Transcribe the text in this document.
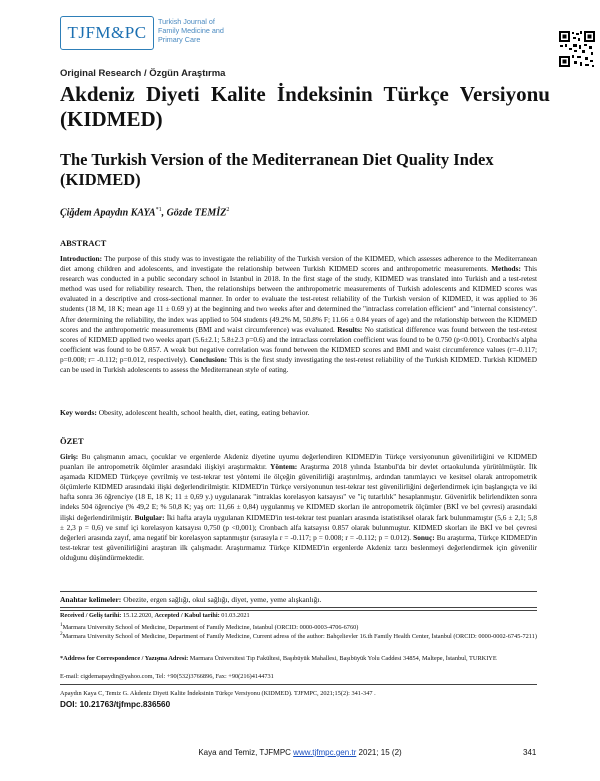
TJFM&PC
Turkish Journal of
Family Medicine and
Primary Care
Original Research / Özgün Araştırma
Akdeniz Diyeti Kalite İndeksinin Türkçe Versiyonu (KIDMED)
The Turkish Version of the Mediterranean Diet Quality Index (KIDMED)
Çiğdem Apaydın KAYA$^{*1}$, Gözde TEMİZ$^2$
ABSTRACT
Introduction: The purpose of this study was to investigate the reliability of the Turkish version of the KIDMED, which assesses adherence to the Mediterranean diet among children and adolescents, and investigate the relationship between Turkish KIDMED scores and anthropometric measurements. Methods: This research was conducted in a public secondary school in Istanbul in 2018. In the first stage of the study, KIDMED was translated into Turkish and a test-retest method was used for reliability research. Then, the relationships between the anthropometric measurements of Turkish adolescents and KIDMED scores was evaluated in a descriptive and cross-sectional manner. In order to evaluate the test-retest reliability of the Turkish version of KIDMED, it was applied to 36 students (18 M, 18 K; mean age 11 ± 0.69 y) at the beginning and two weeks after and determined the "intraclass correlation efficient" and "internal consistency". After determining the reliability, the index was applied to 504 students (49.2% M, 50.8% F; 11.66 ± 0.84 years of age) and the relationship between the KIDMED scores and the anthropometric measurements (BMI and waist circumference) was evaluated. Results: No statistical difference was found between the test-retest scores of KIDMED applied two weeks apart (5.6±2.1; 5.8±2.3 p=0.6) and the intraclass correlation coefficient was found to be 0.750 (p<0.001). Cronbach's alpha coefficient was found to be 0.857. A weak but negative correlation was found between the KIDMED scores and BMI and waist circumference values (r=-0.117; p=0.008; r= -0.112; p=0.012, respectively). Conclusion: This is the first study investigating the test-retest reliability of the Turkish KIDMED. Turkish KIDMED can be used in Turkish adolescents to assess the Mediterranean style of eating.
Key words: Obesity, adolescent health, school health, diet, eating, eating behavior.
ÖZET
Giriş: Bu çalışmanın amacı, çocuklar ve ergenlerde Akdeniz diyetine uyumu değerlendiren KIDMED'in Türkçe versiyonunun güvenilirliğini ve KIDMED puanları ile antropometrik ölçümler arasındaki ilişkiyi araştırmaktır. Yöntem: Araştırma 2018 yılında İstanbul'da bir devlet ortaokulunda yürütülmüştür. İlk aşamada KIDMED Türkçeye çevrilmiş ve test-tekrar test yöntemi ile ölçeğin güvenilirliği araştırılmış, ardından tanımlayıcı ve kesitsel olarak antropometrik ölçümlerle KIDMED arasındaki ilişki değerlendirilmiştir. KIDMED'in Türkçe versiyonunun test-tekrar test güvenilirliğini değerlendirmek için başlangıçta ve iki hafta sonra 36 öğrenciye (18 E, 18 K; 11 ± 0,69 y.) uygulanarak "intraklas korelasyon katsayısı" ve "iç tutarlılık" hesaplanmıştır. Güvenirlik belirlendikten sonra indeks 504 öğrenciye (% 49,2 E; % 50,8 K; yaş ort: 11,66 ± 0,84) uygulanmış ve KIDMED skorları ile antropometrik ölçümler (BKİ ve bel çevresi) arasındaki ilişki değerlendirilmiştir. Bulgular: İki hafta arayla uygulanan KIDMED'in test-tekrar test puanları arasında istatistiksel olarak fark bulunmamıştır (5,6 ± 2,1; 5,8 ± 2,3 p = 0,6) ve sınıf içi korelasyon katsayısı 0,750 (p <0,001); Cronbach alfa katsayısı 0.857 olarak bulunmuştur. KIDMED skorları ile BKİ ve bel çevresi değerleri arasında zayıf, ama negatif bir korelasyon saptanmıştır (sırasıyla r = -0.117; p = 0.008; r = -0.112; p = 0.012). Sonuç: Bu araştırma, Türkçe KIDMED'in test-tekrar test güvenilirliğini araştıran ilk çalışmadır. Araştırmamız Türkçe KIDMED'in ergenlerde Akdeniz tarzı beslenmeyi değerlendirmek için güvenilir olduğunu düşündürmektedir.
Anahtar kelimeler: Obezite, ergen sağlığı, okul sağlığı, diyet, yeme, yeme alışkanlığı.
Received / Geliş tarihi: 15.12.2020, Accepted / Kabul tarihi: 01.03.2021
$^1$Marmara University School of Medicine, Department of Family Medicine, Istanbul (ORCID: 0000-0003-4706-6760)
$^2$Marmara University School of Medicine, Department of Family Medicine, Current adress of the author: Bahçelievler 16.th Family Health Center, İstanbul (ORCID: 0000-0002-6745-7211)
*Address for Correspondence / Yazışma Adresi: Marmara Üniversitesi Tıp Fakültesi, Başıbüyük Mahallesi, Başıbüyük Yolu Caddesi 34854, Maltepe, İstanbul, TURKIYE
E-mail: cigdemapaydin@yahoo.com, Tel: +90(532)3766896, Fax: +90(216)4144731
Apaydın Kaya C, Temiz G. Akdeniz Diyeti Kalite İndeksinin Türkçe Versiyonu (KIDMED). TJFMPC, 2021;15(2): 341-347 .
DOI: 10.21763/tjfmpc.836560
Kaya and Temiz, TJFMPC www.tjfmpc.gen.tr 2021; 15 (2)	341
